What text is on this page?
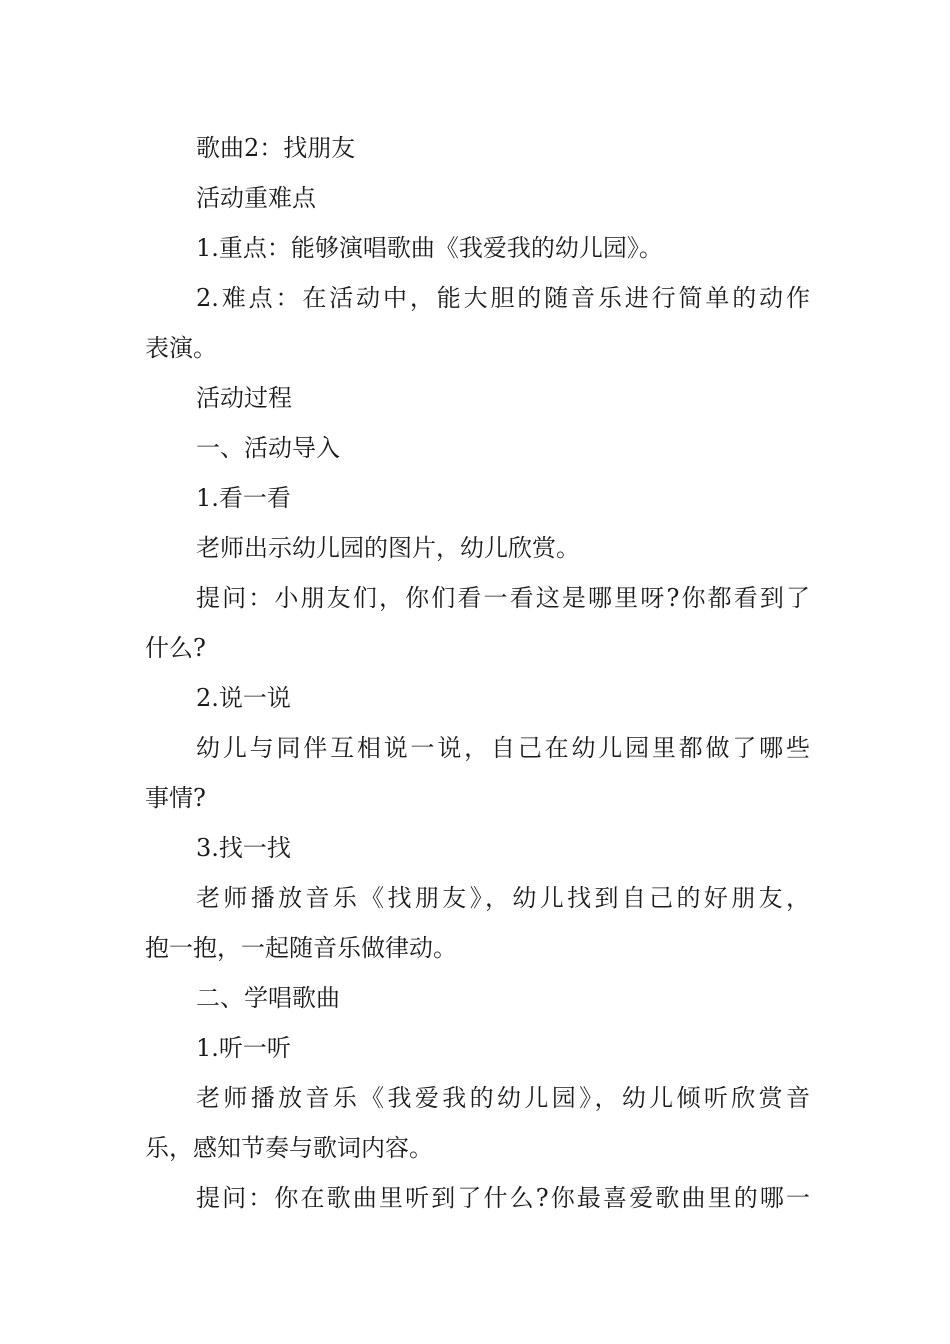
歌曲2：找朋友
活动重难点
1.重点：能够演唱歌曲《我爱我的幼儿园》。
2.难点：在活动中，能大胆的随音乐进行简单的动作
表演。
活动过程
一、活动导入
1.看一看
老师出示幼儿园的图片，幼儿欣赏。
提问：小朋友们，你们看一看这是哪里呀?你都看到了
什么?
2.说一说
幼儿与同伴互相说一说，自己在幼儿园里都做了哪些
事情?
3.找一找
老师播放音乐《找朋友》，幼儿找到自己的好朋友，
抱一抱，一起随音乐做律动。
二、学唱歌曲
1.听一听
老师播放音乐《我爱我的幼儿园》，幼儿倾听欣赏音
乐，感知节奏与歌词内容。
提问：你在歌曲里听到了什么?你最喜爱歌曲里的哪一
